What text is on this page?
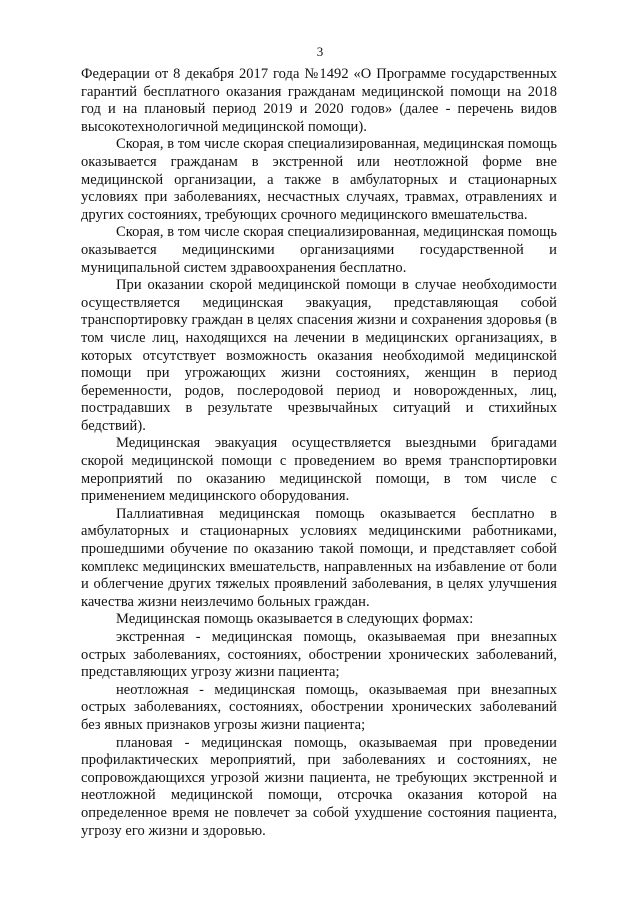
3

Федерации от 8 декабря 2017 года №1492 «О Программе государственных гарантий бесплатного оказания гражданам медицинской помощи на 2018 год и на плановый период 2019 и 2020 годов» (далее - перечень видов высокотехнологичной медицинской помощи).

Скорая, в том числе скорая специализированная, медицинская помощь оказывается гражданам в экстренной или неотложной форме вне медицинской организации, а также в амбулаторных и стационарных условиях при заболеваниях, несчастных случаях, травмах, отравлениях и других состояниях, требующих срочного медицинского вмешательства.

Скорая, в том числе скорая специализированная, медицинская помощь оказывается медицинскими организациями государственной и муниципальной систем здравоохранения бесплатно.

При оказании скорой медицинской помощи в случае необходимости осуществляется медицинская эвакуация, представляющая собой транспортировку граждан в целях спасения жизни и сохранения здоровья (в том числе лиц, находящихся на лечении в медицинских организациях, в которых отсутствует возможность оказания необходимой медицинской помощи при угрожающих жизни состояниях, женщин в период беременности, родов, послеродовой период и новорожденных, лиц, пострадавших в результате чрезвычайных ситуаций и стихийных бедствий).

Медицинская эвакуация осуществляется выездными бригадами скорой медицинской помощи с проведением во время транспортировки мероприятий по оказанию медицинской помощи, в том числе с применением медицинского оборудования.

Паллиативная медицинская помощь оказывается бесплатно в амбулаторных и стационарных условиях медицинскими работниками, прошедшими обучение по оказанию такой помощи, и представляет собой комплекс медицинских вмешательств, направленных на избавление от боли и облегчение других тяжелых проявлений заболевания, в целях улучшения качества жизни неизлечимо больных граждан.

Медицинская помощь оказывается в следующих формах:

экстренная - медицинская помощь, оказываемая при внезапных острых заболеваниях, состояниях, обострении хронических заболеваний, представляющих угрозу жизни пациента;

неотложная - медицинская помощь, оказываемая при внезапных острых заболеваниях, состояниях, обострении хронических заболеваний без явных признаков угрозы жизни пациента;

плановая - медицинская помощь, оказываемая при проведении профилактических мероприятий, при заболеваниях и состояниях, не сопровождающихся угрозой жизни пациента, не требующих экстренной и неотложной медицинской помощи, отсрочка оказания которой на определенное время не повлечет за собой ухудшение состояния пациента, угрозу его жизни и здоровью.
